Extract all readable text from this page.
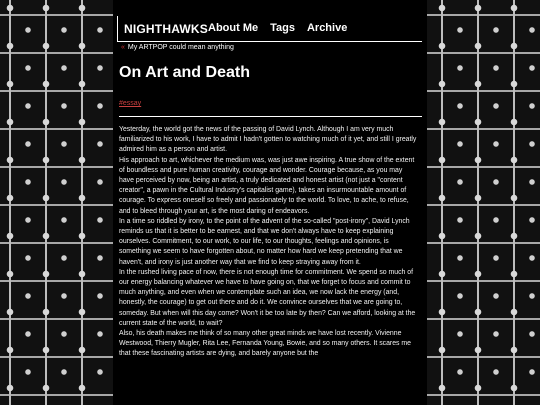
NIGHTHAWKS About Me Tags Archive
« My ARTPOP could mean anything
On Art and Death
#essay

Yesterday, the world got the news of the passing of David Lynch. Although I am very much familiarized to his work, I have to admit I hadn't gotten to watching much of it yet, and still I greatly admired him as a person and artist.

His approach to art, whichever the medium was, was just awe inspiring. A true show of the extent of boundless and pure human creativity, courage and wonder. Courage because, as you may have perceived by now, being an artist, a truly dedicated and honest artist (not just a "content creator", a pawn in the Cultural Industry's capitalist game), takes an insurmountable amount of courage. To express oneself so freely and passionately to the world. To love, to ache, to refuse, and to bleed through your art, is the most daring of endeavors.

In a time so riddled by irony, to the point of the advent of the so-called "post-irony", David Lynch reminds us that it is better to be earnest, and that we don't always have to keep explaining ourselves. Commitment, to our work, to our life, to our thoughts, feelings and opinions, is something we seem to have forgotten about, no matter how hard we keep pretending that we haven't, and irony is just another way that we find to keep straying away from it.

In the rushed living pace of now, there is not enough time for commitment. We spend so much of our energy balancing whatever we have to have going on, that we forget to focus and commit to much anything, and even when we contemplate such an idea, we now lack the energy (and, honestly, the courage) to get out there and do it. We convince ourselves that we are going to, someday. But when will this day come? Won't it be too late by then? Can we afford, looking at the current state of the world, to wait?

Also, his death makes me think of so many other great minds we have lost recently. Vivienne Westwood, Thierry Mugler, Rita Lee, Fernanda Young, Bowie, and so many others. It scares me that these fascinating artists are dying, and barely anyone but the
